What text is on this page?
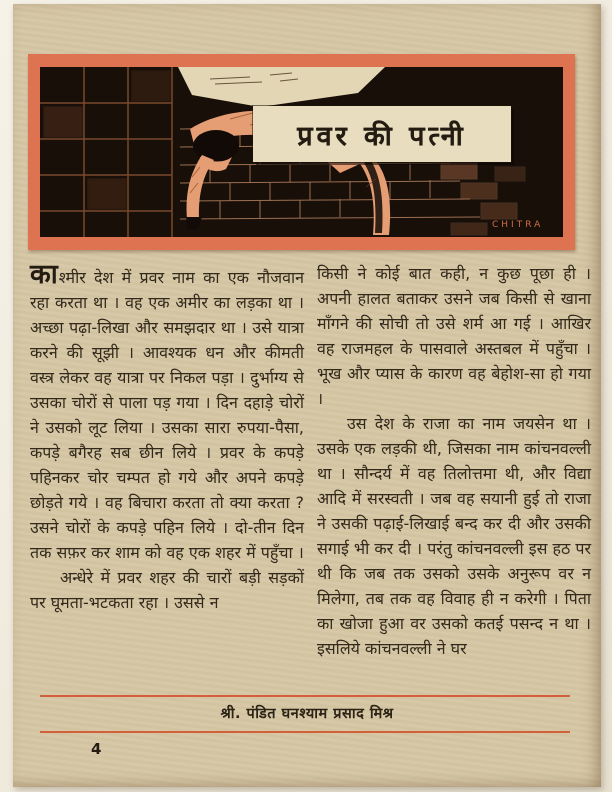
CHITRA
प्रवर की पत्नी

काश्मीर देश में प्रवर नाम का एक नौजवान रहा करता था । वह एक अमीर का लड़का था । अच्छा पढ़ा-लिखा और समझदार था । उसे यात्रा करने की सूझी । आवश्यक धन और कीमती वस्त्र लेकर वह यात्रा पर निकल पड़ा । दुर्भाग्य से उसका चोरों से पाला पड़ गया । दिन दहाड़े चोरों ने उसको लूट लिया । उसका सारा रुपया-पैसा, कपड़े बगैरह सब छीन लिये । प्रवर के कपड़े पहिनकर चोर चम्पत हो गये और अपने कपड़े छोड़ते गये । वह बिचारा करता तो क्या करता ? उसने चोरों के कपड़े पहिन लिये । दो-तीन दिन तक सफ़र कर शाम को वह एक शहर में पहुँचा ।

अन्धेरे में प्रवर शहर की चारों बड़ी सड़कों पर घूमता-भटकता रहा । उससे न

किसी ने कोई बात कही, न कुछ पूछा ही । अपनी हालत बताकर उसने जब किसी से खाना माँगने की सोची तो उसे शर्म आ गई । आखिर वह राजमहल के पासवाले अस्तबल में पहुँचा । भूख और प्यास के कारण वह बेहोश-सा हो गया ।

उस देश के राजा का नाम जयसेन था । उसके एक लड़की थी, जिसका नाम कांचनवल्ली था । सौन्दर्य में वह तिलोत्तमा थी, और विद्या आदि में सरस्वती । जब वह सयानी हुई तो राजा ने उसकी पढ़ाई-लिखाई बन्द कर दी और उसकी सगाई भी कर दी । परंतु कांचनवल्ली इस हठ पर थी कि जब तक उसको उसके अनुरूप वर न मिलेगा, तब तक वह विवाह ही न करेगी । पिता का खोजा हुआ वर उसको कतई पसन्द न था । इसलिये कांचनवल्ली ने घर

श्री. पंडित घनश्याम प्रसाद मिश्र
4
